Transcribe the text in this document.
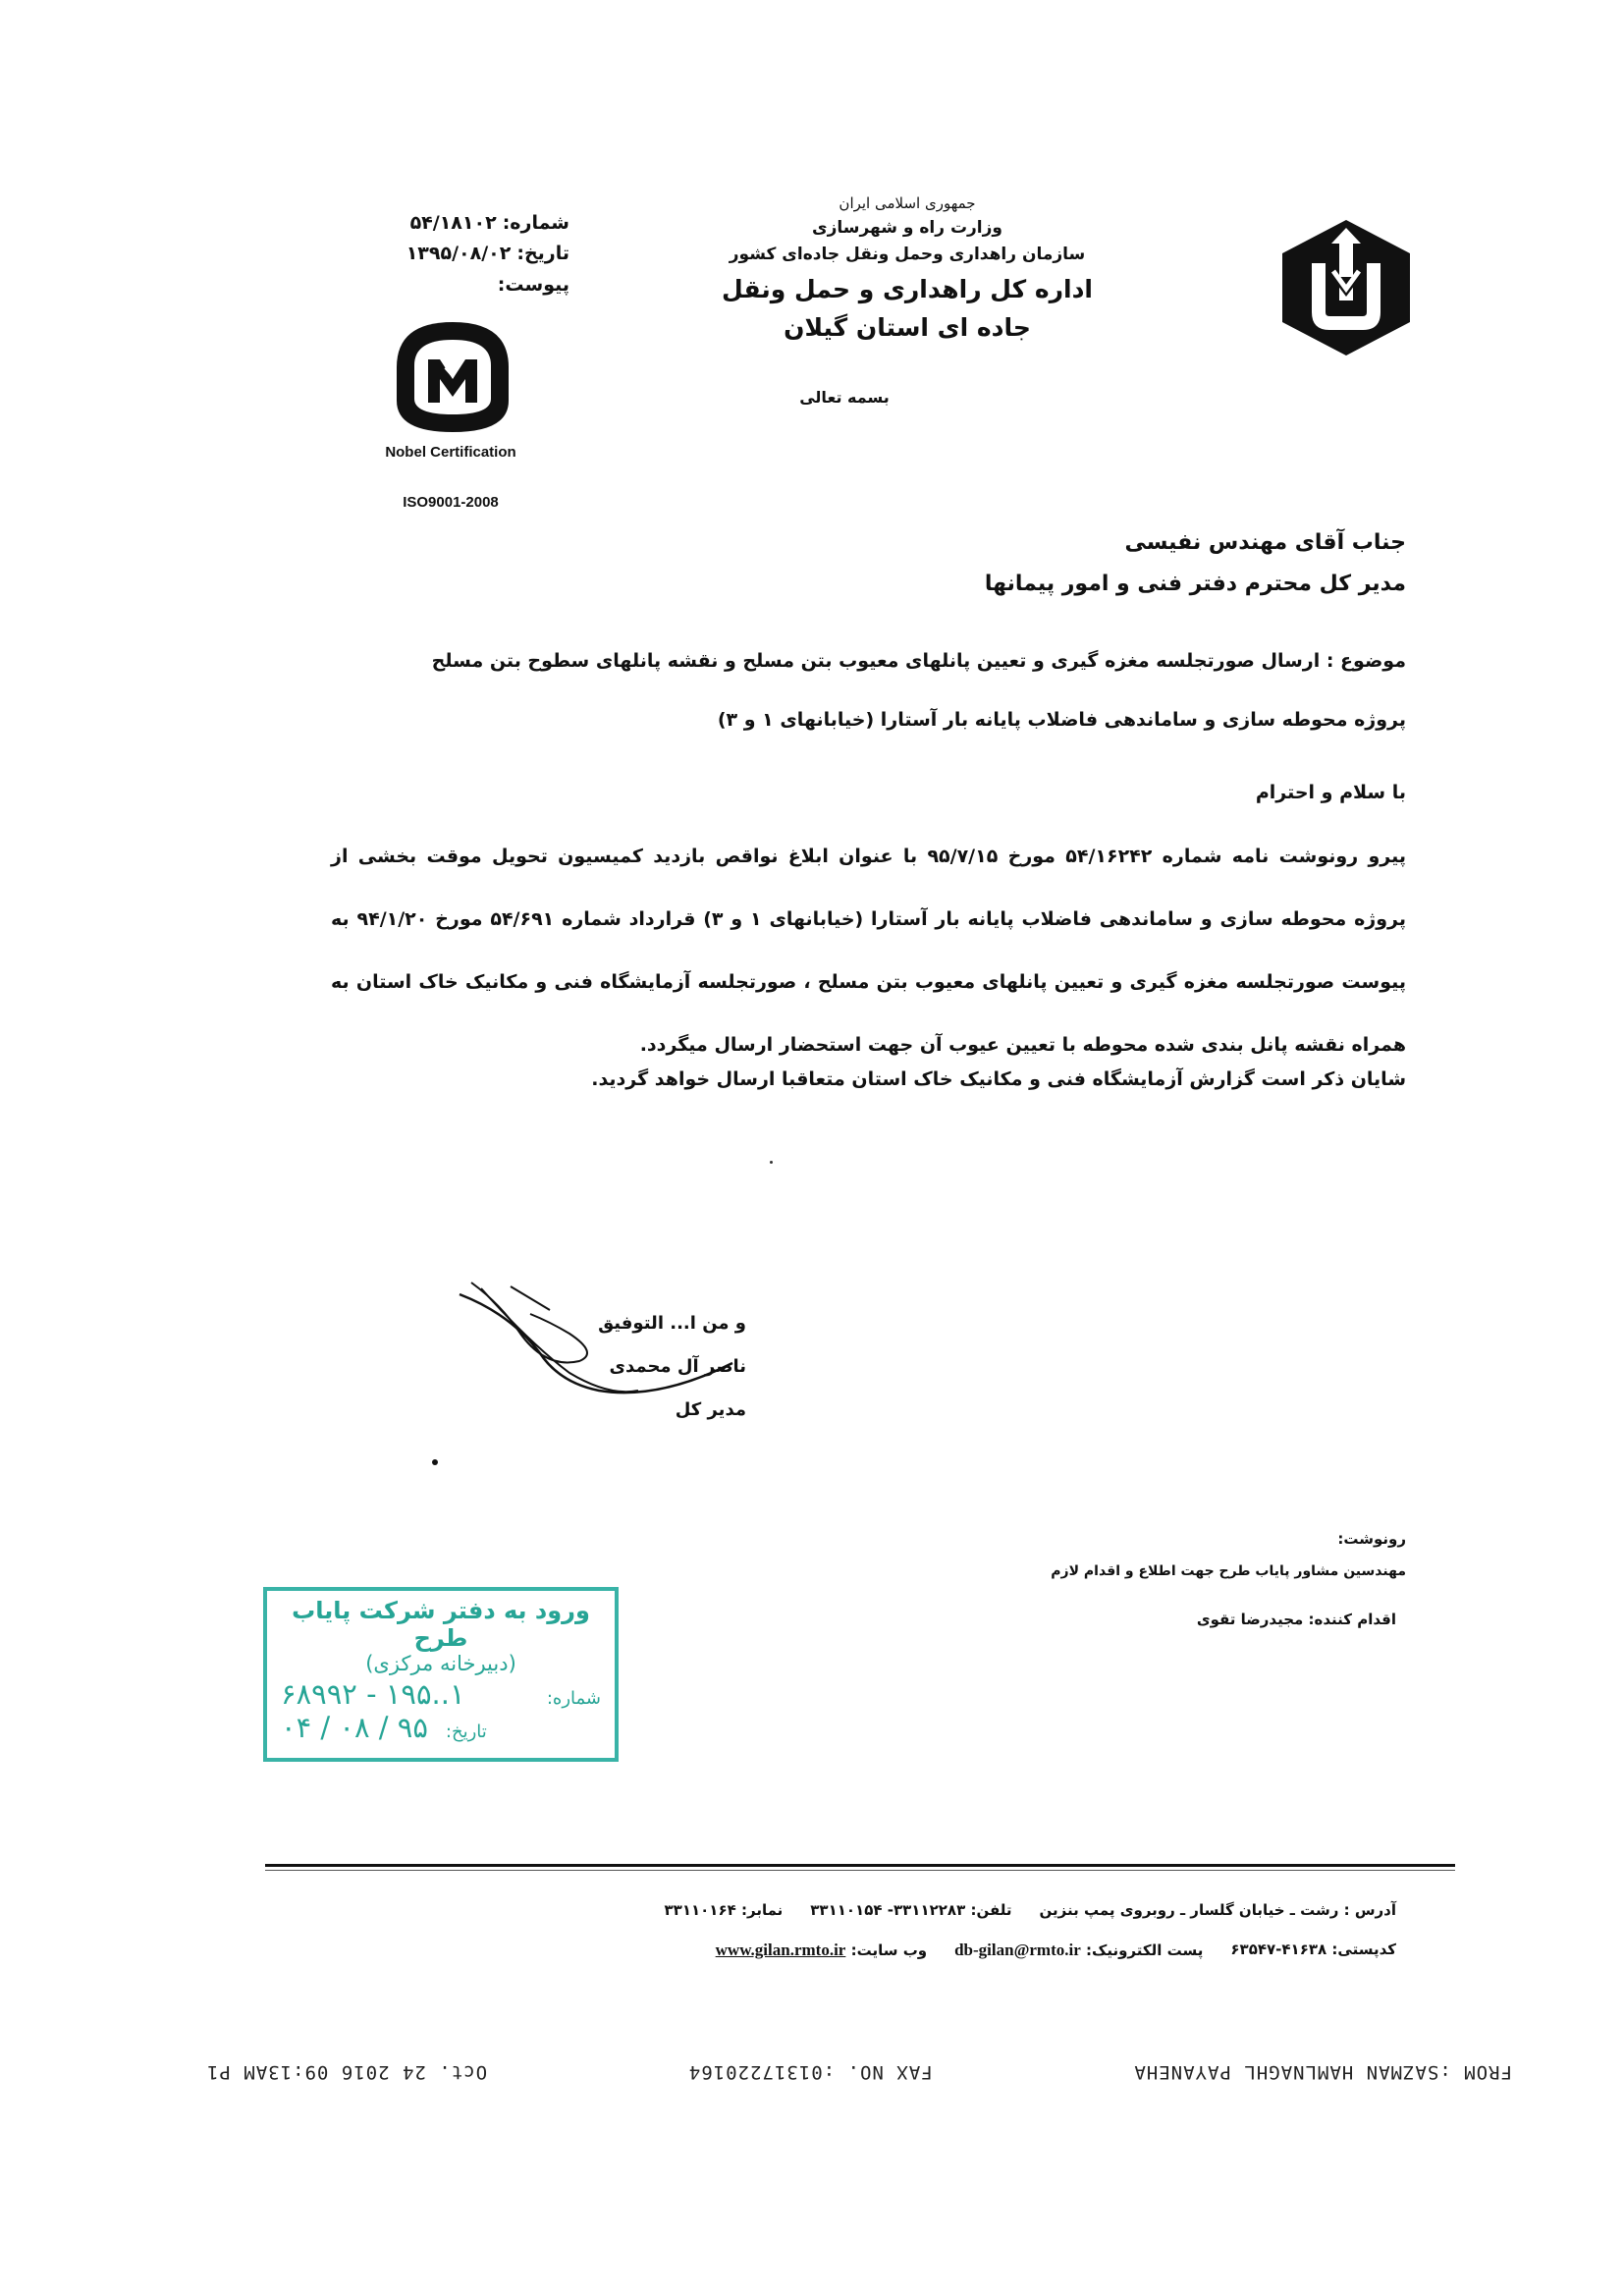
جمهوری اسلامی ایران
وزارت راه و شهرسازی
سازمان راهداری وحمل ونقل جاده‌ای کشور
اداره کل راهداری و حمل ونقل جاده ای استان گیلان
بسمه تعالی
شماره:
۵۴/۱۸۱۰۲
تاریخ:
۱۳۹۵/۰۸/۰۲
پیوست:
Nobel Certification
ISO9001-2008
جناب آقای مهندس نفیسی
مدیر کل محترم دفتر فنی و امور پیمانها
موضوع : ارسال صورتجلسه مغزه گیری و تعیین پانلهای معیوب بتن مسلح و نقشه پانلهای سطوح بتن مسلح
پروژه محوطه سازی و ساماندهی فاضلاب پایانه بار آستارا (خیابانهای ۱ و ۳)
با سلام و احترام
پیرو رونوشت نامه شماره ۵۴/۱۶۲۴۲ مورخ ۹۵/۷/۱۵ با عنوان ابلاغ نواقص بازدید کمیسیون تحویل موقت بخشی از پروژه محوطه سازی و ساماندهی فاضلاب پایانه بار آستارا (خیابانهای ۱ و ۳) قرارداد شماره ۵۴/۶۹۱ مورخ ۹۴/۱/۲۰ به پیوست صورتجلسه مغزه گیری و تعیین پانلهای معیوب بتن مسلح ، صورتجلسه آزمایشگاه فنی و مکانیک خاک استان به همراه نقشه پانل بندی شده محوطه با تعیین عیوب آن جهت استحضار ارسال میگردد.
شایان ذکر است گزارش آزمایشگاه فنی و مکانیک خاک استان متعاقبا ارسال خواهد گردید.
و من ا... التوفیق
ناصر آل محمدی
مدیر کل
رونوشت:
مهندسین مشاور پایاب طرح جهت اطلاع و اقدام لازم
اقدام کننده: مجیدرضا تقوی
ورود به دفتر شرکت پایاب طرح
(دبیرخانه مرکزی)
شماره:
۱..۱۹۵ - ۶۸۹۹۲
تاریخ:
۹۵ / ۰۸ / ۰۴
آدرس : رشت ـ خیابان گلسار ـ روبروی پمپ بنزین
تلفن: ۳۳۱۱۲۲۸۳- ۳۳۱۱۰۱۵۴
نمابر: ۳۳۱۱۰۱۶۴
کدپستی: ۴۱۶۳۸-۶۳۵۴۷
پست الکترونیک: db-gilan@rmto.ir
وب سایت: www.gilan.rmto.ir
FROM :SAZMAN HAMLNAGHL PAYANEHA
FAX NO. :01317220164
Oct. 24 2016 09:13AM P1
